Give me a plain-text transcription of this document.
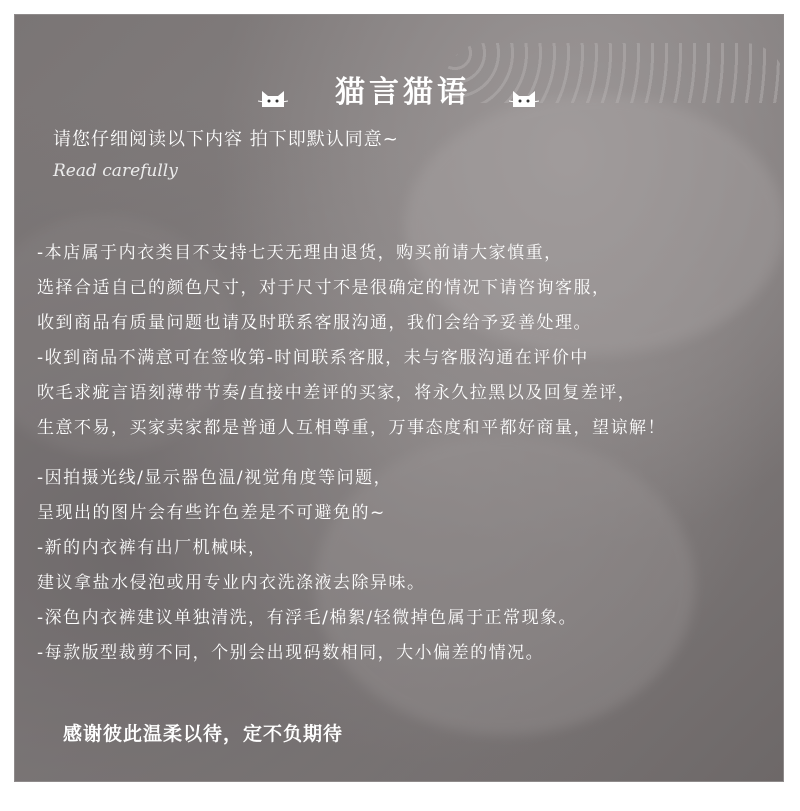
猫言猫语
请您仔细阅读以下内容 拍下即默认同意~
Read carefully
-本店属于内衣类目不支持七天无理由退货，购买前请大家慎重，
选择合适自己的颜色尺寸，对于尺寸不是很确定的情况下请咨询客服，
收到商品有质量问题也请及时联系客服沟通，我们会给予妥善处理。
-收到商品不满意可在签收第-时间联系客服，未与客服沟通在评价中
吹毛求疵言语刻薄带节奏/直接中差评的买家，将永久拉黑以及回复差评，
生意不易，买家卖家都是普通人互相尊重，万事态度和平都好商量，望谅解！
-因拍摄光线/显示器色温/视觉角度等问题，
呈现出的图片会有些许色差是不可避免的~
-新的内衣裤有出厂机械味，
建议拿盐水侵泡或用专业内衣洗涤液去除异味。
-深色内衣裤建议单独清洗，有浮毛/棉絮/轻微掉色属于正常现象。
-每款版型裁剪不同，个别会出现码数相同，大小偏差的情况。
感谢彼此温柔以待，定不负期待
